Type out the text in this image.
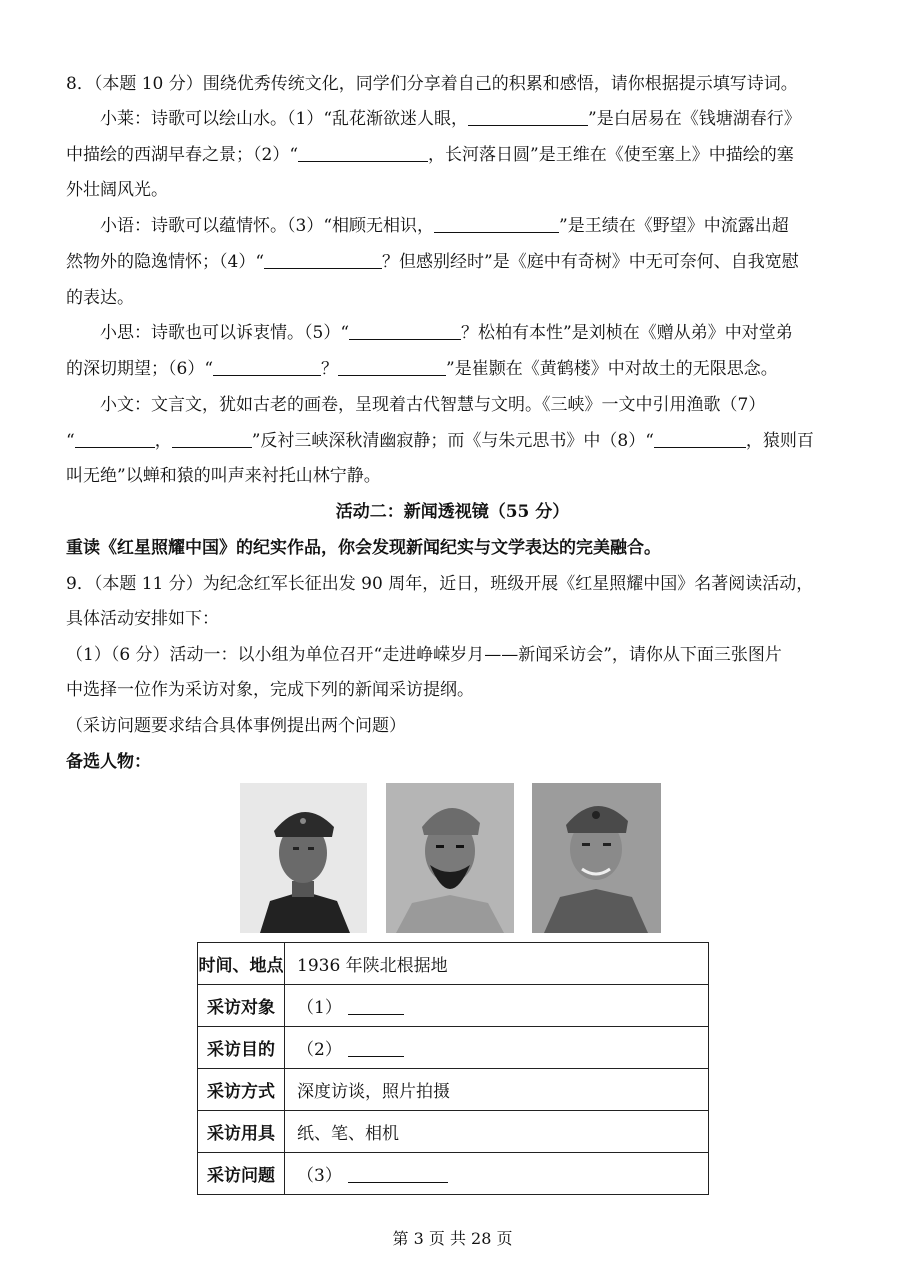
8．（本题 10 分）围绕优秀传统文化，同学们分享着自己的积累和感悟，请你根据提示填写诗词。
小莱：诗歌可以绘山水。（1）“乱花渐欲迷人眼，	”是白居易在《钱塘湖春行》
中描绘的西湖早春之景；（2）“	，长河落日圆”是王维在《使至塞上》中描绘的塞
外壮阔风光。
小语：诗歌可以蕴情怀。（3）“相顾无相识，	”是王绩在《野望》中流露出超
然物外的隐逸情怀；（4）“	？但感别经时”是《庭中有奇树》中无可奈何、自我宽慰
的表达。
小思：诗歌也可以诉衷情。（5）“	？松柏有本性”是刘桢在《赠从弟》中对堂弟
的深切期望；（6）“	？	”是崔颢在《黄鹤楼》中对故土的无限思念。
小文：文言文，犹如古老的画卷，呈现着古代智慧与文明。《三峡》一文中引用渔歌（7）
“	，	”反衬三峡深秋清幽寂静；而《与朱元思书》中（8）“	，猿则百
叫无绝”以蝉和猿的叫声来衬托山林宁静。
活动二：新闻透视镜（55 分）
重读《红星照耀中国》的纪实作品，你会发现新闻纪实与文学表达的完美融合。
9．（本题 11 分）为纪念红军长征出发 90 周年，近日，班级开展《红星照耀中国》名著阅读活动，
具体活动安排如下：
（1）（6 分）活动一：以小组为单位召开“走进峥嵘岁月——新闻采访会”，请你从下面三张图片
中选择一位作为采访对象，完成下列的新闻采访提纲。
（采访问题要求结合具体事例提出两个问题）
备选人物：
时间、地点	1936 年陕北根据地
采访对象	（1）
采访目的	（2）
采访方式	深度访谈，照片拍摄
采访用具	纸、笔、相机
采访问题	（3）
第 3 页 共 28 页
